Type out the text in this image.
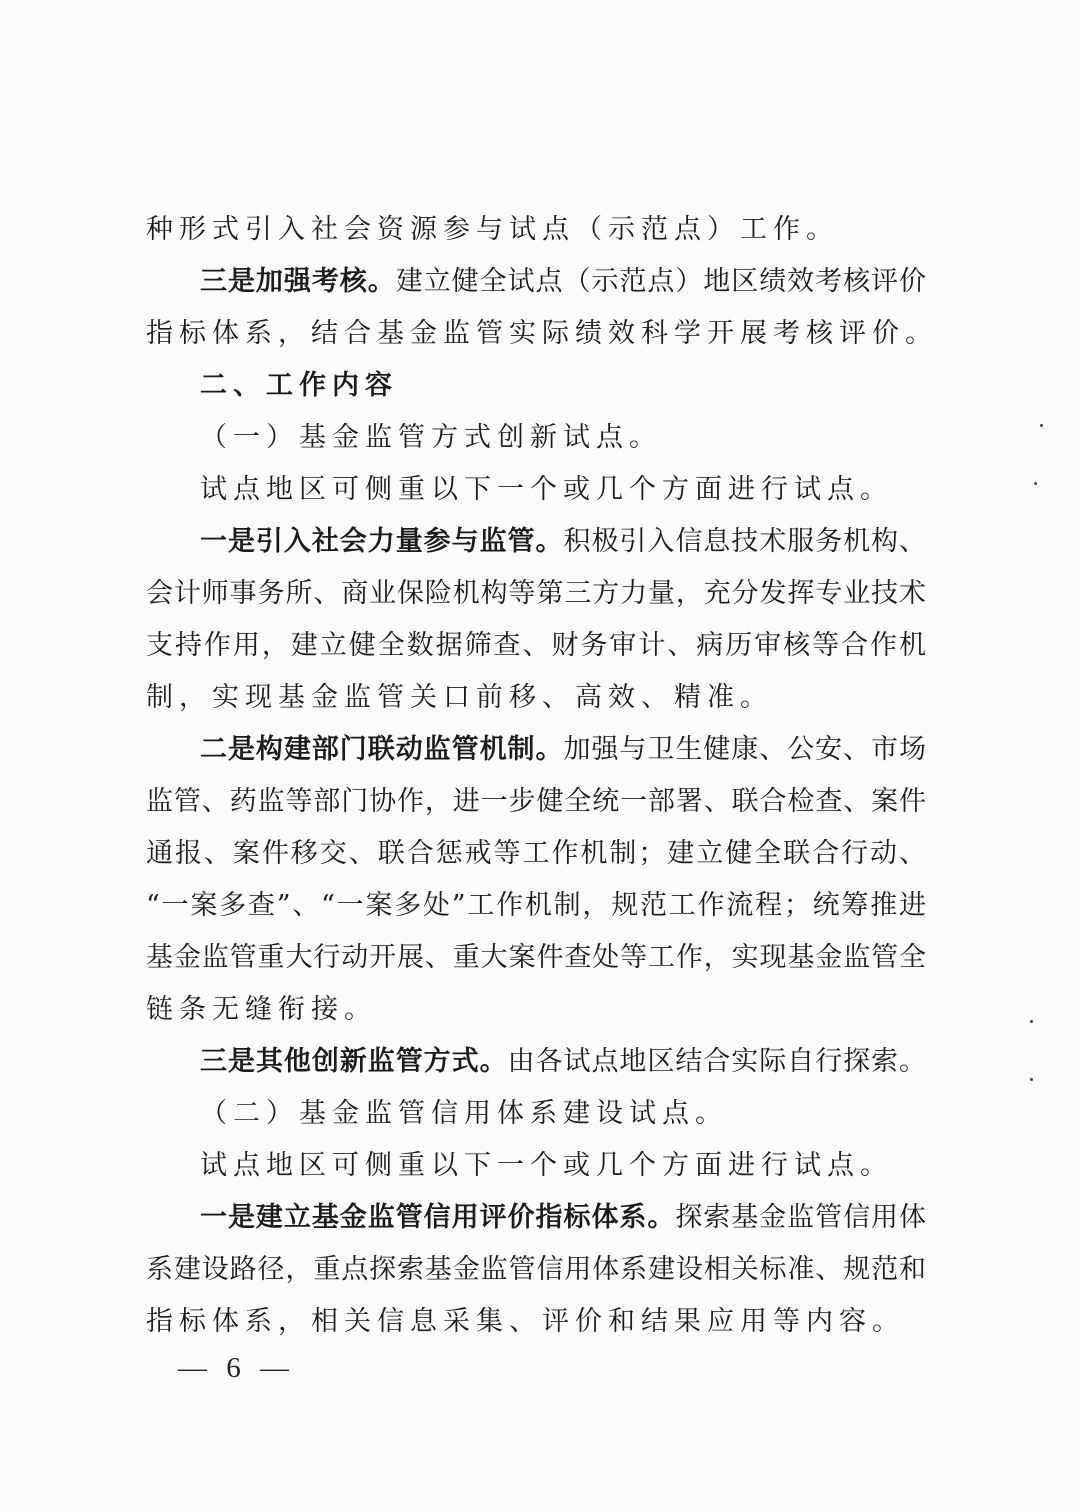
种形式引入社会资源参与试点（示范点）工作。
三是加强考核。建立健全试点（示范点）地区绩效考核评价
指标体系，结合基金监管实际绩效科学开展考核评价。
二、工作内容
（一）基金监管方式创新试点。
试点地区可侧重以下一个或几个方面进行试点。
一是引入社会力量参与监管。积极引入信息技术服务机构、
会计师事务所、商业保险机构等第三方力量，充分发挥专业技术
支持作用，建立健全数据筛查、财务审计、病历审核等合作机
制，实现基金监管关口前移、高效、精准。
二是构建部门联动监管机制。加强与卫生健康、公安、市场
监管、药监等部门协作，进一步健全统一部署、联合检查、案件
通报、案件移交、联合惩戒等工作机制；建立健全联合行动、
“一案多查”、“一案多处”工作机制，规范工作流程；统筹推进
基金监管重大行动开展、重大案件查处等工作，实现基金监管全
链条无缝衔接。
三是其他创新监管方式。由各试点地区结合实际自行探索。
（二）基金监管信用体系建设试点。
试点地区可侧重以下一个或几个方面进行试点。
一是建立基金监管信用评价指标体系。探索基金监管信用体
系建设路径，重点探索基金监管信用体系建设相关标准、规范和
指标体系，相关信息采集、评价和结果应用等内容。
— 6 —
